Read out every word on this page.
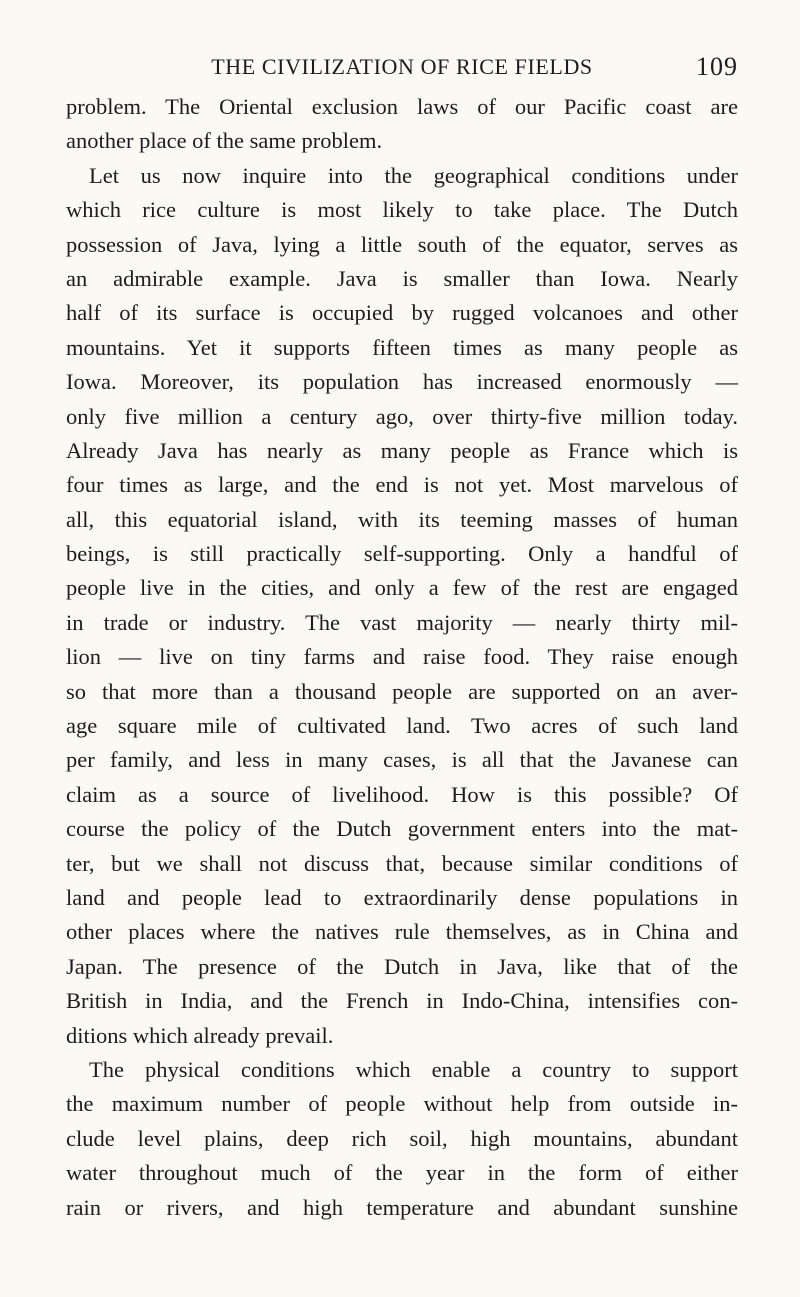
THE CIVILIZATION OF RICE FIELDS	109
problem. The Oriental exclusion laws of our Pacific coast are
another place of the same problem.
Let us now inquire into the geographical conditions under
which rice culture is most likely to take place. The Dutch
possession of Java, lying a little south of the equator, serves as
an admirable example. Java is smaller than Iowa. Nearly
half of its surface is occupied by rugged volcanoes and other
mountains. Yet it supports fifteen times as many people as
Iowa. Moreover, its population has increased enormously —
only five million a century ago, over thirty-five million today.
Already Java has nearly as many people as France which is
four times as large, and the end is not yet. Most marvelous of
all, this equatorial island, with its teeming masses of human
beings, is still practically self-supporting. Only a handful of
people live in the cities, and only a few of the rest are engaged
in trade or industry. The vast majority — nearly thirty mil-
lion — live on tiny farms and raise food. They raise enough
so that more than a thousand people are supported on an aver-
age square mile of cultivated land. Two acres of such land
per family, and less in many cases, is all that the Javanese can
claim as a source of livelihood. How is this possible? Of
course the policy of the Dutch government enters into the mat-
ter, but we shall not discuss that, because similar conditions of
land and people lead to extraordinarily dense populations in
other places where the natives rule themselves, as in China and
Japan. The presence of the Dutch in Java, like that of the
British in India, and the French in Indo-China, intensifies con-
ditions which already prevail.
The physical conditions which enable a country to support
the maximum number of people without help from outside in-
clude level plains, deep rich soil, high mountains, abundant
water throughout much of the year in the form of either
rain or rivers, and high temperature and abundant sunshine
